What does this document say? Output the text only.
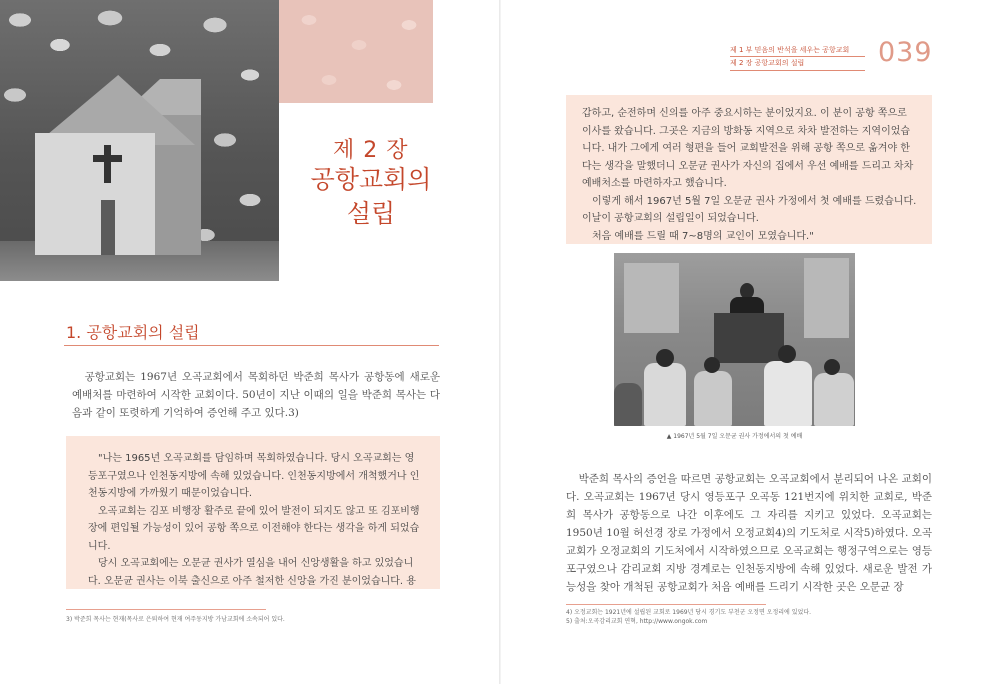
제 2 장
공항교회의
설립
1. 공항교회의 설립

공항교회는 1967년 오곡교회에서 목회하던 박준희 목사가 공항동에 새로운 예배처를 마련하여 시작한 교회이다. 50년이 지난 이때의 일을 박준희 목사는 다음과 같이 또렷하게 기억하여 증언해 주고 있다.3)

"나는 1965년 오곡교회를 담임하며 목회하였습니다. 당시 오곡교회는 영등포구였으나 인천동지방에 속해 있었습니다. 인천동지방에서 개척했거나 인천동지방에 가까웠기 때문이었습니다.

오곡교회는 김포 비행장 활주로 끝에 있어 발전이 되지도 않고 또 김포비행장에 편입될 가능성이 있어 공항 쪽으로 이전해야 한다는 생각을 하게 되었습니다.

당시 오곡교회에는 오문균 권사가 열심을 내어 신앙생활을 하고 있었습니다. 오문균 권사는 이북 출신으로 아주 철저한 신앙을 가진 분이었습니다. 용

3) 박준희 목사는 현재(목사로 은퇴하여 현재 여주동지방 가남교회에 소속되어 있다.
제 1 부 믿음의 반석을 세우는 공항교회
제 2 장 공항교회의 설립	039

갑하고, 순전하며 신의를 아주 중요시하는 분이었지요. 이 분이 공항 쪽으로 이사를 왔습니다. 그곳은 지금의 방화동 지역으로 차차 발전하는 지역이었습니다. 내가 그에게 여러 형편을 들어 교회발전을 위해 공항 쪽으로 옮겨야 한다는 생각을 말했더니 오문균 권사가 자신의 집에서 우선 예배를 드리고 차차 예배처소를 마련하자고 했습니다.

이렇게 해서 1967년 5월 7일 오문균 권사 가정에서 첫 예배를 드렸습니다. 이날이 공항교회의 설립일이 되었습니다.

처음 예배를 드릴 때 7~8명의 교인이 모였습니다."

▲ 1967년 5월 7일 오문균 권사 가정에서의 첫 예배

박준희 목사의 증언을 따르면 공항교회는 오곡교회에서 분리되어 나온 교회이다. 오곡교회는 1967년 당시 영등포구 오곡동 121번지에 위치한 교회로, 박준희 목사가 공항동으로 나간 이후에도 그 자리를 지키고 있었다. 오곡교회는 1950년 10월 허선경 장로 가정에서 오정교회4)의 기도처로 시작5)하였다. 오곡교회가 오정교회의 기도처에서 시작하였으므로 오곡교회는 행정구역으로는 영등포구였으나 감리교회 지방 경계로는 인천동지방에 속해 있었다. 새로운 발전 가능성을 찾아 개척된 공항교회가 처음 예배를 드리기 시작한 곳은 오문균 장

4) 오정교회는 1921년에 설립된 교회로 1969년 당시 경기도 부천군 오정면 오정리에 있었다.
5) 출처:오곡감리교회 연혁, http://www.ongok.com
